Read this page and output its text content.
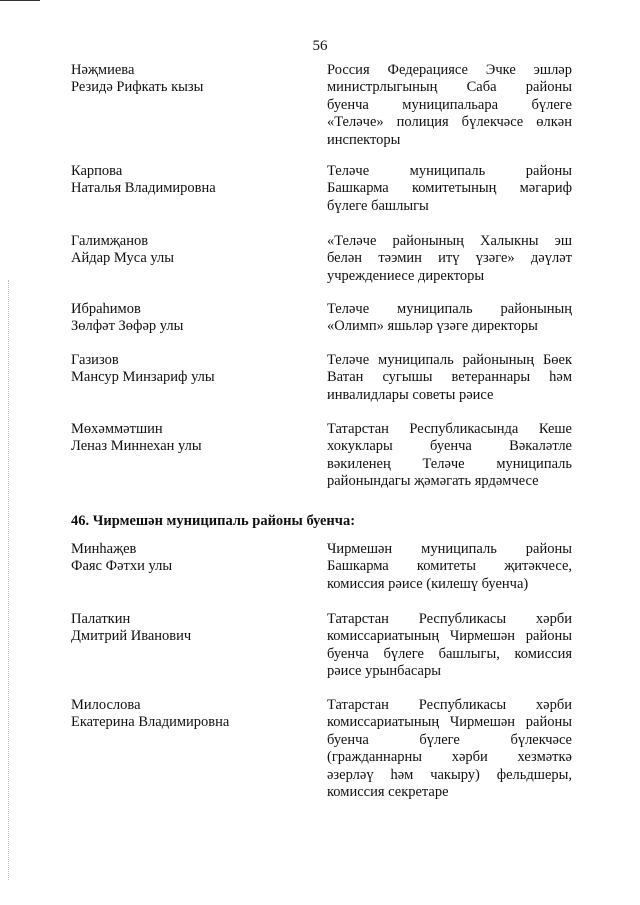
56
Нәҗмиева
Резидә Рифкать кызы
Россия Федерациясе Эчке эшләр
министрлыгының Саба районы
буенча муниципальара бүлеге
«Теләче» полиция бүлекчәсе өлкән
инспекторы
Карпова
Наталья Владимировна
Теләче муниципаль районы
Башкарма комитетының мәгариф
бүлеге башлыгы
Галимҗанов
Айдар Муса улы
«Теләче районының Халыкны эш
белән тәэмин итү үзәге» дәүләт
учреждениесе директоры
Ибраһимов
Зөлфәт Зөфәр улы
Теләче муниципаль районының
«Олимп» яшьләр үзәге директоры
Газизов
Мансур Минзариф улы
Теләче муниципаль районының Бөек
Ватан сугышы ветераннары һәм
инвалидлары советы рәисе
Мөхәммәтшин
Леназ Миннехан улы
Татарстан Республикасында Кеше
хокуклары буенча Вәкаләтле
вәкиленең Теләче муниципаль
районындагы җәмәгать ярдәмчесе
46. Чирмешән муниципаль районы буенча:
Минһаҗев
Фаяс Фәтхи улы
Чирмешән муниципаль районы
Башкарма комитеты җитәкчесе,
комиссия рәисе (килешү буенча)
Палаткин
Дмитрий Иванович
Татарстан Республикасы хәрби
комиссариатының Чирмешән районы
буенча бүлеге башлыгы, комиссия
рәисе урынбасары
Милослова
Екатерина Владимировна
Татарстан Республикасы хәрби
комиссариатының Чирмешән районы
буенча бүлеге бүлекчәсе
(гражданнарны хәрби хезмәткә
әзерләү һәм чакыру) фельдшеры,
комиссия секретаре
